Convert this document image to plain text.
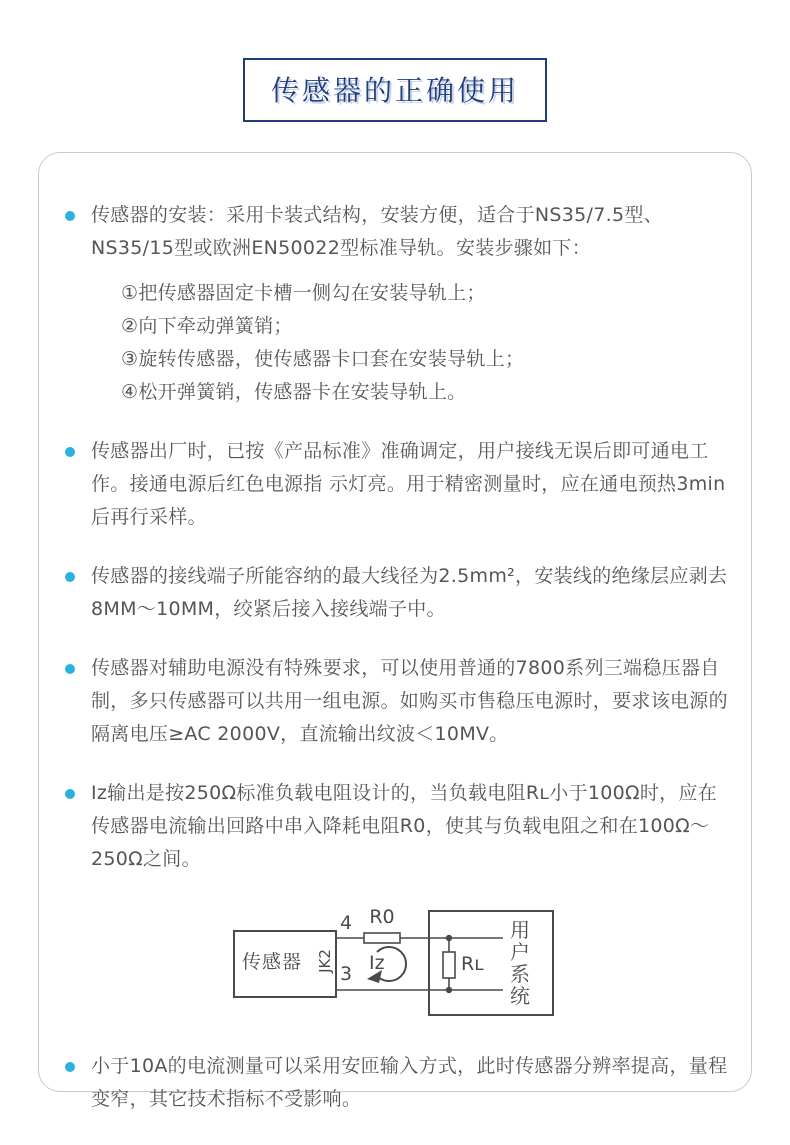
传感器的正确使用

传感器的安装：采用卡装式结构，安装方便，适合于NS35/7.5型、NS35/15型或欧洲EN50022型标准导轨。安装步骤如下：

①把传感器固定卡槽一侧勾在安装导轨上；
②向下牵动弹簧销；
③旋转传感器，使传感器卡口套在安装导轨上；
④松开弹簧销，传感器卡在安装导轨上。

传感器出厂时，已按《产品标准》准确调定，用户接线无误后即可通电工作。接通电源后红色电源指 示灯亮。用于精密测量时，应在通电预热3min后再行采样。

传感器的接线端子所能容纳的最大线径为2.5mm²，安装线的绝缘层应剥去8MM～10MM，绞紧后接入接线端子中。

传感器对辅助电源没有特殊要求，可以使用普通的7800系列三端稳压器自制，多只传感器可以共用一组电源。如购买市售稳压电源时，要求该电源的隔离电压≥AC 2000V，直流输出纹波＜10MV。

Iz输出是按250Ω标准负载电阻设计的，当负载电阻Rʟ小于100Ω时，应在传感器电流输出回路中串入降耗电阻R0，使其与负载电阻之和在100Ω～250Ω之间。

传感器 JK2
4
3
R0
Iz	Rʟ
用户系统

小于10A的电流测量可以采用安匝输入方式，此时传感器分辨率提高，量程变窄，其它技术指标不受影响。
